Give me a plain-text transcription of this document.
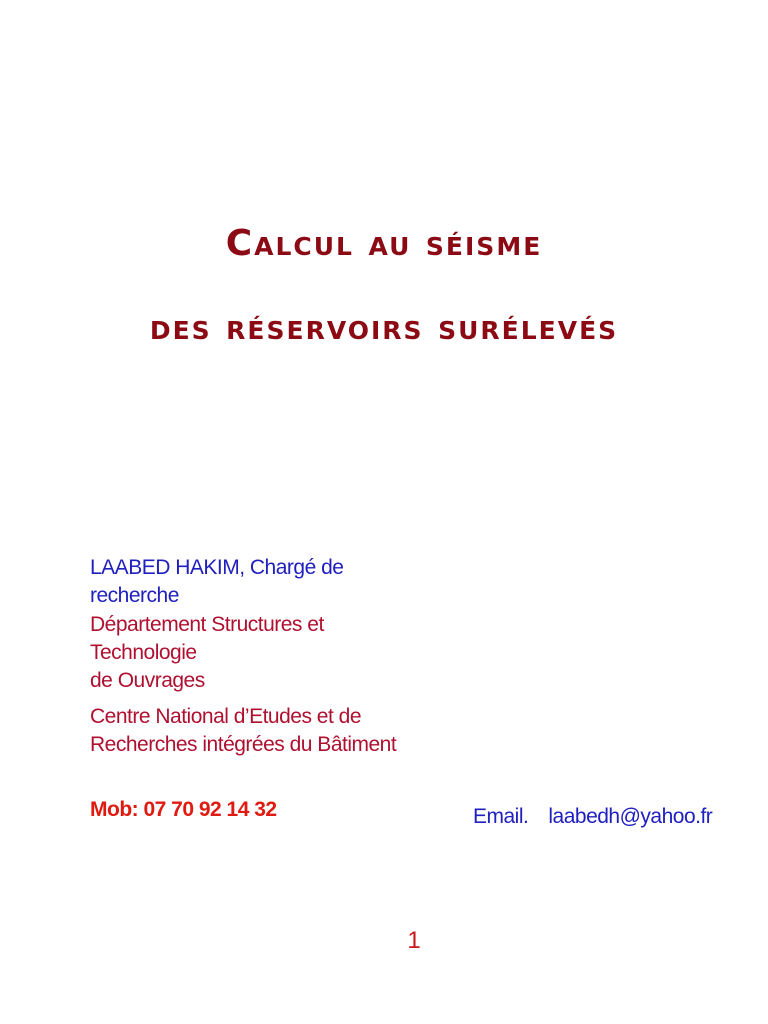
Calcul au séisme
des réservoirs surélevés
LAABED HAKIM, Chargé de recherche
Département Structures et Technologie
de Ouvrages
Centre National d’Etudes et de
Recherches intégrées du Bâtiment
Mob: 07 70 92 14 32	Email. laabedh@yahoo.fr
1
